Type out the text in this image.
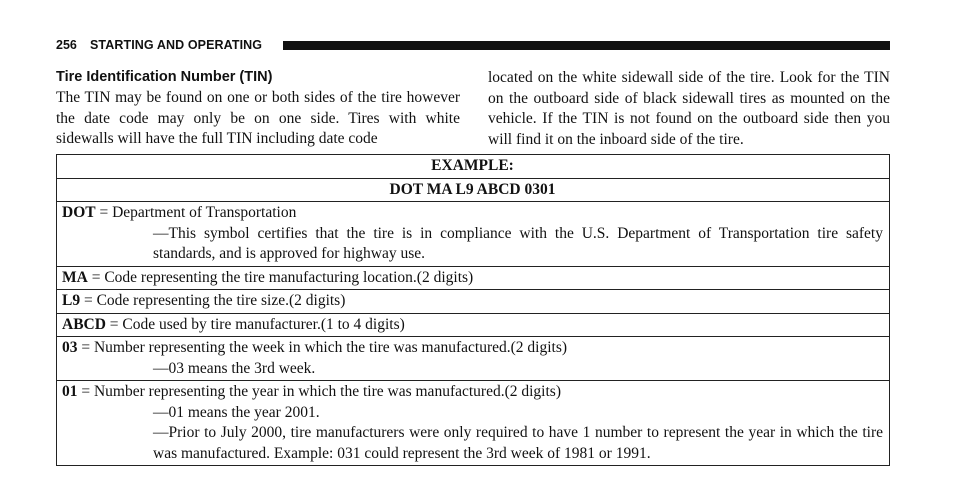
256 STARTING AND OPERATING
Tire Identification Number (TIN)
The TIN may be found on one or both sides of the tire however the date code may only be on one side. Tires with white sidewalls will have the full TIN including date code
located on the white sidewall side of the tire. Look for the TIN on the outboard side of black sidewall tires as mounted on the vehicle. If the TIN is not found on the outboard side then you will find it on the inboard side of the tire.
EXAMPLE:
DOT MA L9 ABCD 0301
DOT = Department of Transportation
—This symbol certifies that the tire is in compliance with the U.S. Department of Transportation tire safety standards, and is approved for highway use.
MA = Code representing the tire manufacturing location.(2 digits)
L9 = Code representing the tire size.(2 digits)
ABCD = Code used by tire manufacturer.(1 to 4 digits)
03 = Number representing the week in which the tire was manufactured.(2 digits)
—03 means the 3rd week.
01 = Number representing the year in which the tire was manufactured.(2 digits)
—01 means the year 2001.
—Prior to July 2000, tire manufacturers were only required to have 1 number to represent the year in which the tire was manufactured. Example: 031 could represent the 3rd week of 1981 or 1991.
